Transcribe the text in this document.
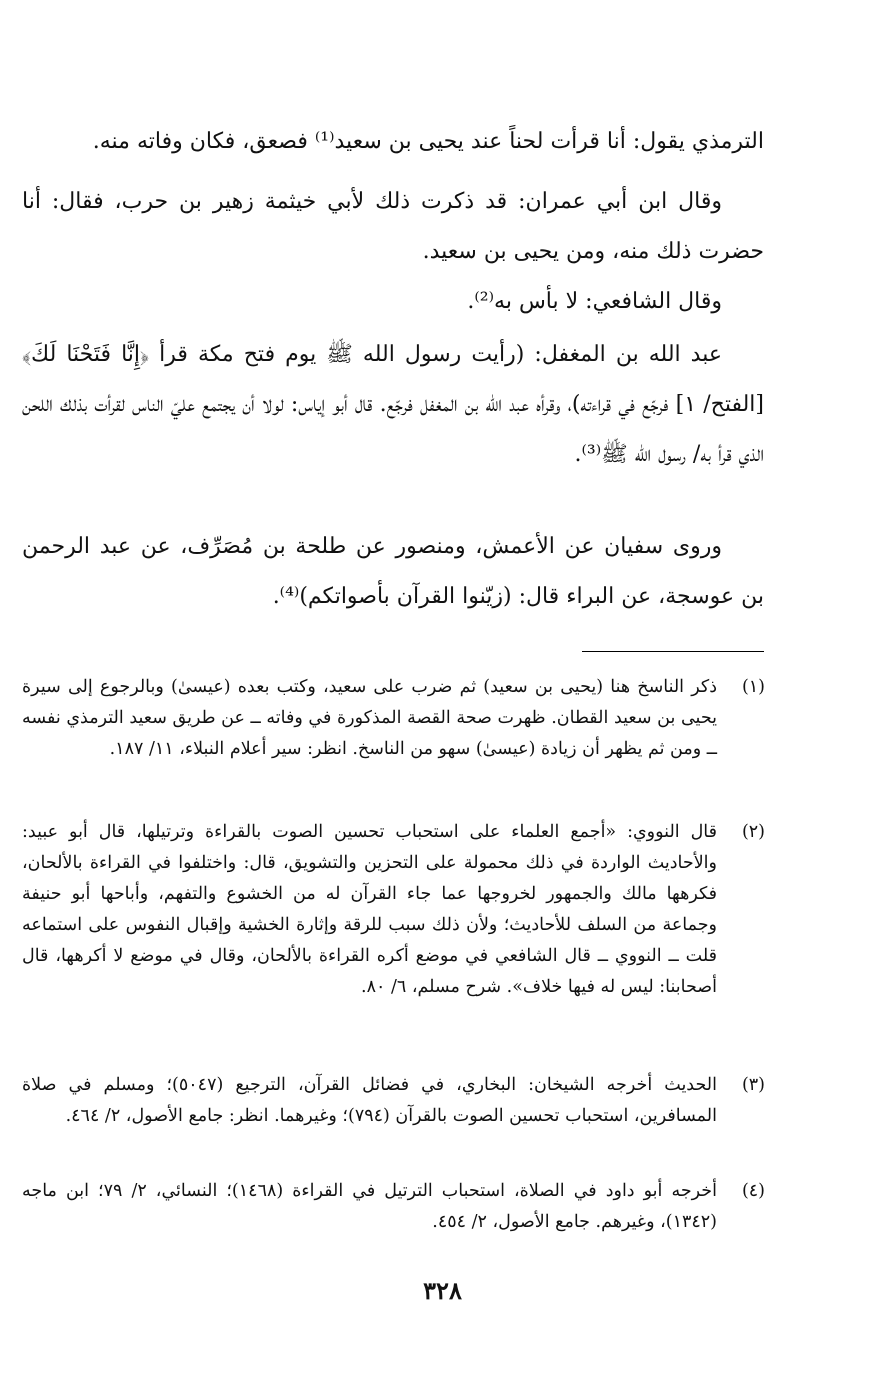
الترمذي يقول: أنا قرأت لحناً عند يحيى بن سعيد⁽¹⁾ فصعق، فكان وفاته منه.

وقال ابن أبي عمران: قد ذكرت ذلك لأبي خيثمة زهير بن حرب، فقال: أنا حضرت ذلك منه، ومن يحيى بن سعيد.

وقال الشافعي: لا بأس به⁽²⁾.

عبد الله بن المغفل: (رأيت رسول الله ﷺ يوم فتح مكة قرأ ﴿إِنَّا فَتَحْنَا لَكَ﴾ [الفتح/ ١] فرجّع في قراءته)، وقرأه عبد الله بن المغفل فرجّع. قال أبو إياس: لولا أن يجتمع عليّ الناس لقرأت بذلك اللحن الذي قرأ به/ رسول الله ﷺ⁽³⁾.

وروى سفيان عن الأعمش، ومنصور عن طلحة بن مُصَرِّف، عن عبد الرحمن بن عوسجة، عن البراء قال: (زيّنوا القرآن بأصواتكم)⁽⁴⁾.

(١)
ذكر الناسخ هنا (يحيى بن سعيد) ثم ضرب على سعيد، وكتب بعده (عيسىٰ) وبالرجوع إلى سيرة يحيى بن سعيد القطان. ظهرت صحة القصة المذكورة في وفاته ــ عن طريق سعيد الترمذي نفسه ــ ومن ثم يظهر أن زيادة (عيسىٰ) سهو من الناسخ. انظر: سير أعلام النبلاء، ١١/ ١٨٧.
(٢)
قال النووي: «أجمع العلماء على استحباب تحسين الصوت بالقراءة وترتيلها، قال أبو عبيد: والأحاديث الواردة في ذلك محمولة على التحزين والتشويق، قال: واختلفوا في القراءة بالألحان، فكرهها مالك والجمهور لخروجها عما جاء القرآن له من الخشوع والتفهم، وأباحها أبو حنيفة وجماعة من السلف للأحاديث؛ ولأن ذلك سبب للرقة وإثارة الخشية وإقبال النفوس على استماعه قلت ــ النووي ــ قال الشافعي في موضع أكره القراءة بالألحان، وقال في موضع لا أكرهها، قال أصحابنا: ليس له فيها خلاف». شرح مسلم، ٦/ ٨٠.
(٣)
الحديث أخرجه الشيخان: البخاري، في فضائل القرآن، الترجيع (٥٠٤٧)؛ ومسلم في صلاة المسافرين، استحباب تحسين الصوت بالقرآن (٧٩٤)؛ وغيرهما. انظر: جامع الأصول، ٢/ ٤٦٤.
(٤)
أخرجه أبو داود في الصلاة، استحباب الترتيل في القراءة (١٤٦٨)؛ النسائي، ٢/ ٧٩؛ ابن ماجه (١٣٤٢)، وغيرهم. جامع الأصول، ٢/ ٤٥٤.
٣٢٨
